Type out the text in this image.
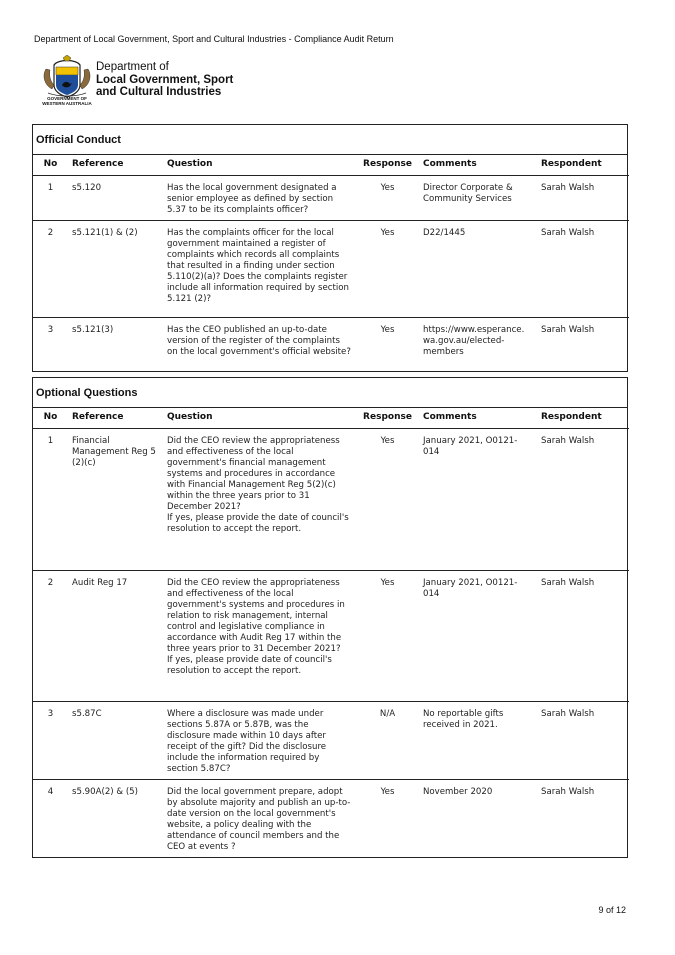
Department of Local Government, Sport and Cultural Industries - Compliance Audit Return
GOVERNMENT OF
WESTERN AUSTRALIA
Department of
Local Government, Sport
and Cultural Industries
Official Conduct
No	Reference	Question	Response	Comments	Respondent
1	s5.120	Has the local government designated a senior employee as defined by section 5.37 to be its complaints officer?	Yes	Director Corporate & Community Services	Sarah Walsh
2	s5.121(1) & (2)	Has the complaints officer for the local government maintained a register of complaints which records all complaints that resulted in a finding under section 5.110(2)(a)? Does the complaints register include all information required by section 5.121 (2)?	Yes	D22/1445	Sarah Walsh
3	s5.121(3)	Has the CEO published an up-to-date version of the register of the complaints on the local government's official website?	Yes	https://www.esperance.
wa.gov.au/elected-
members	Sarah Walsh
Optional Questions
No	Reference	Question	Response	Comments	Respondent
1	Financial Management Reg 5 (2)(c)	Did the CEO review the appropriateness and effectiveness of the local government's financial management systems and procedures in accordance with Financial Management Reg 5(2)(c) within the three years prior to 31 December 2021?
If yes, please provide the date of council's resolution to accept the report.	Yes	January 2021, O0121-014	Sarah Walsh
2	Audit Reg 17	Did the CEO review the appropriateness and effectiveness of the local government's systems and procedures in relation to risk management, internal control and legislative compliance in accordance with Audit Reg 17 within the three years prior to 31 December 2021?
If yes, please provide date of council's resolution to accept the report.	Yes	January 2021, O0121-014	Sarah Walsh
3	s5.87C	Where a disclosure was made under sections 5.87A or 5.87B, was the disclosure made within 10 days after receipt of the gift? Did the disclosure include the information required by section 5.87C?	N/A	No reportable gifts received in 2021.	Sarah Walsh
4	s5.90A(2) & (5)	Did the local government prepare, adopt by absolute majority and publish an up-to-date version on the local government's website, a policy dealing with the attendance of council members and the CEO at events ?	Yes	November 2020	Sarah Walsh
9 of 12
